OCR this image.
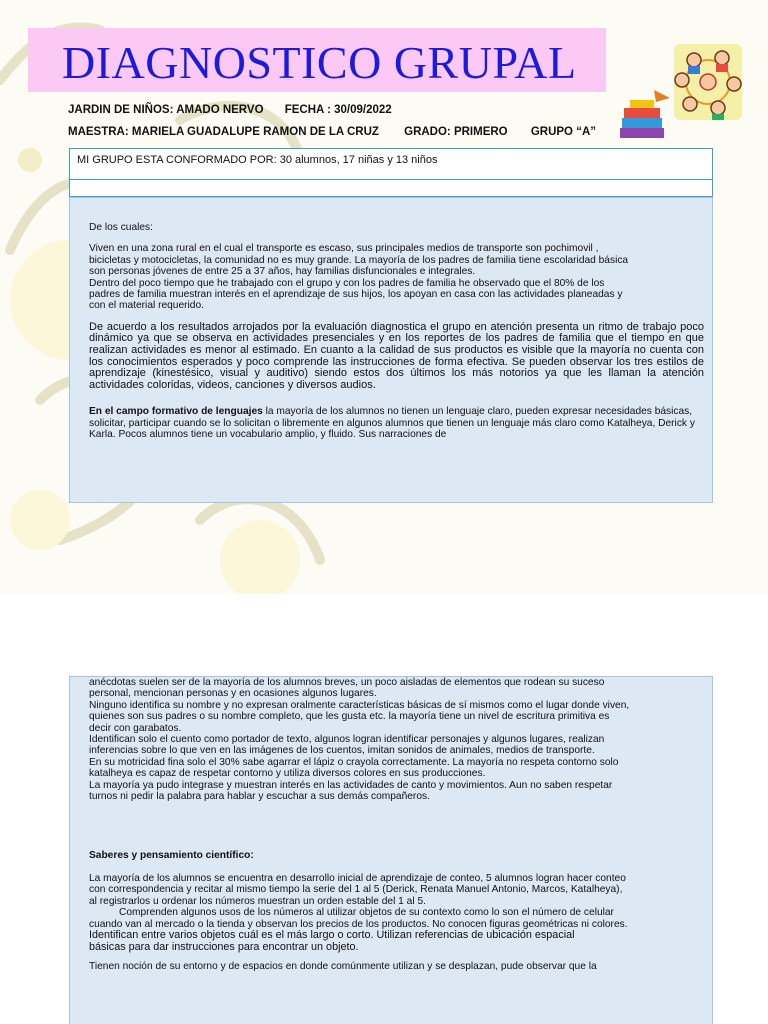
DIAGNOSTICO GRUPAL
JARDIN DE NIÑOS: AMADO NERVO FECHA : 30/09/2022
MAESTRA: MARIELA GUADALUPE RAMON DE LA CRUZ GRADO: PRIMERO GRUPO “A”
MI GRUPO ESTA CONFORMADO POR: 30 alumnos, 17 niñas y 13 niños

De los cuales:

Viven en una zona rural en el cual el transporte es escaso, sus principales medios de transporte son pochimovil ,

bicicletas y motocicletas, la comunidad no es muy grande. La mayoría de los padres de familia tiene escolaridad básica

son personas jóvenes de entre 25 a 37 años, hay familias disfuncionales e integrales.

Dentro del poco tiempo que he trabajado con el grupo y con los padres de familia he observado que el 80% de los

padres de familia muestran interés en el aprendizaje de sus hijos, los apoyan en casa con las actividades planeadas y

con el material requerido.

De acuerdo a los resultados arrojados por la evaluación diagnostica el grupo en atención presenta un ritmo de trabajo poco dinámico ya que se observa en actividades presenciales y en los reportes de los padres de familia que el tiempo en que realizan actividades es menor al estimado. En cuanto a la calidad de sus productos es visible que la mayoría no cuenta con los conocimientos esperados y poco comprende las instrucciones de forma efectiva. Se pueden observar los tres estilos de aprendizaje (kinestésico, visual y auditivo) siendo estos dos últimos los más notorios ya que les llaman la atención actividades coloridas, videos, canciones y diversos audios.

En el campo formativo de lenguajes la mayoría de los alumnos no tienen un lenguaje claro, pueden expresar necesidades básicas, solicitar, participar cuando se lo solicitan o libremente en algunos alumnos que tienen un lenguaje más claro como Katalheya, Derick y Karla. Pocos alumnos tiene un vocabulario amplio, y fluido. Sus narraciones de

anécdotas suelen ser de la mayoría de los alumnos breves, un poco aisladas de elementos que rodean su suceso

personal, mencionan personas y en ocasiones algunos lugares.

Ninguno identifica su nombre y no expresan oralmente características básicas de sí mismos como el lugar donde viven,

quienes son sus padres o su nombre completo, que les gusta etc. la mayoría tiene un nivel de escritura primitiva es

decir con garabatos.

Identifican solo el cuento como portador de texto, algunos logran identificar personajes y algunos lugares, realizan

inferencias sobre lo que ven en las imágenes de los cuentos, imitan sonidos de animales, medios de transporte.

En su motricidad fina solo el 30% sabe agarrar el lápiz o crayola correctamente. La mayoría no respeta contorno solo

katalheya es capaz de respetar contorno y utiliza diversos colores en sus producciones.

La mayoría ya pudo integrase y muestran interés en las actividades de canto y movimientos. Aun no saben respetar

turnos ni pedir la palabra para hablar y escuchar a sus demás compañeros.

Saberes y pensamiento científico:

La mayoría de los alumnos se encuentra en desarrollo inicial de aprendizaje de conteo, 5 alumnos logran hacer conteo

con correspondencia y recitar al mismo tiempo la serie del 1 al 5 (Derick, Renata Manuel Antonio, Marcos, Katalheya),

al registrarlos u ordenar los números muestran un orden estable del 1 al 5.

Comprenden algunos usos de los números al utilizar objetos de su contexto como lo son el número de celular

cuando van al mercado o la tienda y observan los precios de los productos. No conocen figuras geométricas ni colores.

Identifican entre varios objetos cuál es el más largo o corto. Utilizan referencias de ubicación espacial

básicas para dar instrucciones para encontrar un objeto.

Tienen noción de su entorno y de espacios en donde comúnmente utilizan y se desplazan, pude observar que la
